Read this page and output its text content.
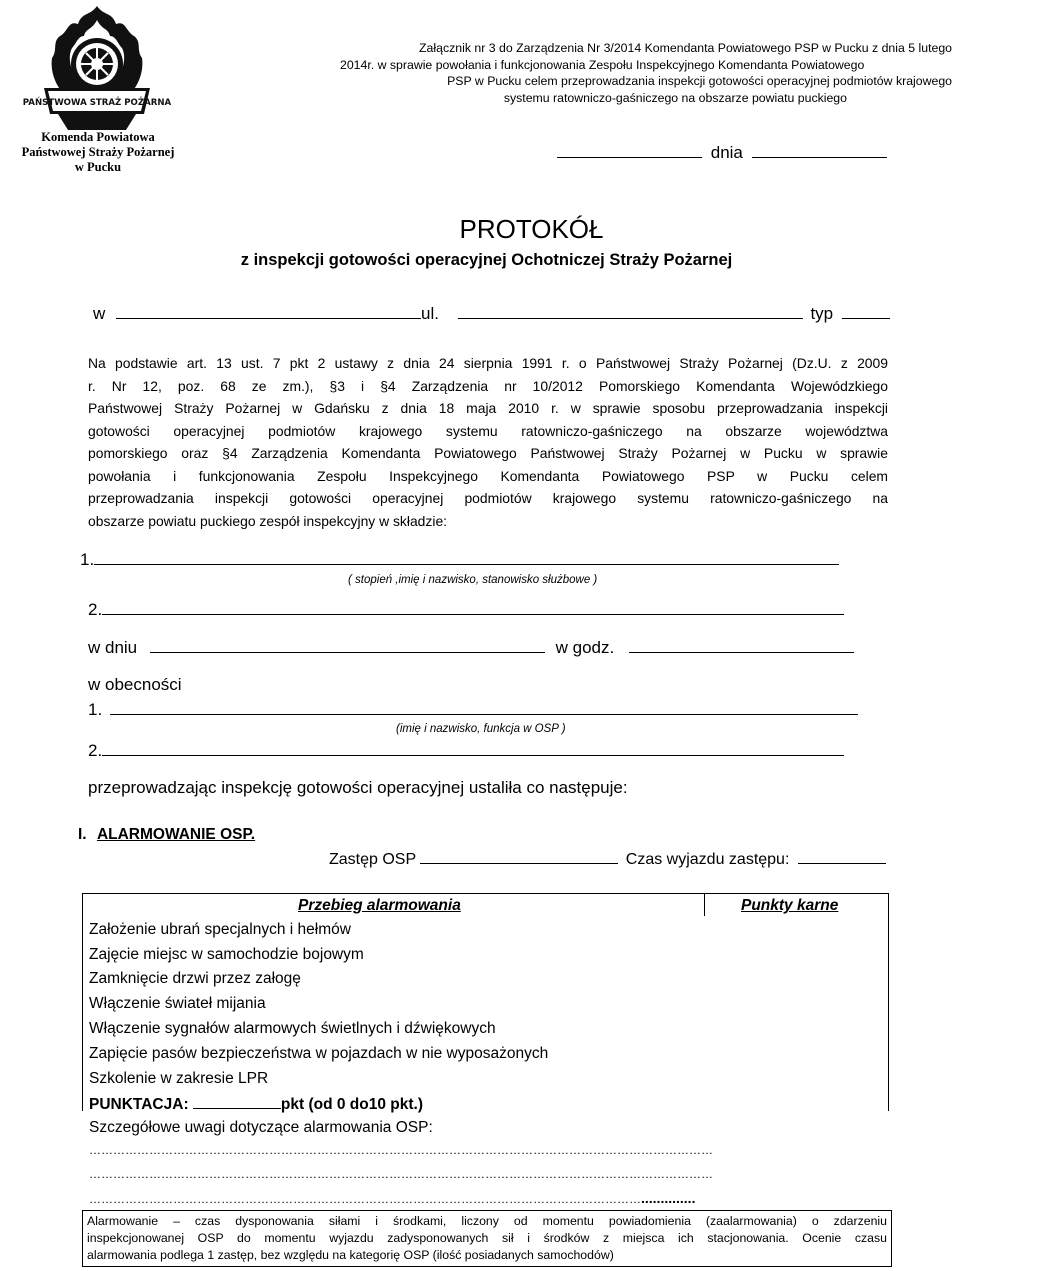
PAŃSTWOWA STRAŻ POŻARNA
Komenda Powiatowa
Państwowej Straży Pożarnej
w Pucku
Załącznik nr 3 do Zarządzenia Nr 3/2014 Komendanta Powiatowego PSP w Pucku z dnia 5 lutego
2014r. w sprawie powołania i funkcjonowania Zespołu Inspekcyjnego Komendanta Powiatowego
PSP w Pucku celem przeprowadzania inspekcji gotowości operacyjnej podmiotów krajowego
systemu ratowniczo-gaśniczego na obszarze powiatu puckiego
dnia
PROTOKÓŁ
z inspekcji gotowości operacyjnej Ochotniczej Straży Pożarnej
w	ul.	typ
Na podstawie art. 13 ust. 7 pkt 2 ustawy z dnia 24 sierpnia 1991 r. o Państwowej Straży Pożarnej (Dz.U. z 2009
r. Nr 12, poz. 68 ze zm.), §3 i §4 Zarządzenia nr 10/2012 Pomorskiego Komendanta Wojewódzkiego
Państwowej Straży Pożarnej w Gdańsku z dnia 18 maja 2010 r. w sprawie sposobu przeprowadzania inspekcji
gotowości operacyjnej podmiotów krajowego systemu ratowniczo-gaśniczego na obszarze województwa
pomorskiego oraz §4 Zarządzenia Komendanta Powiatowego Państwowej Straży Pożarnej w Pucku w sprawie
powołania i funkcjonowania Zespołu Inspekcyjnego Komendanta Powiatowego PSP w Pucku celem
przeprowadzania inspekcji gotowości operacyjnej podmiotów krajowego systemu ratowniczo-gaśniczego na
obszarze powiatu puckiego zespół inspekcyjny w składzie:
1.
( stopień ,imię i nazwisko, stanowisko służbowe )
2.
w dniu	w godz.
w obecności
1.
(imię i nazwisko, funkcja w OSP )
2.
przeprowadzając inspekcję gotowości operacyjnej ustaliła co następuje:
I. ALARMOWANIE OSP.
Zastęp OSP	Czas wyjazdu zastępu:
Przebieg alarmowania	Punkty karne
Założenie ubrań specjalnych i hełmów
Zajęcie miejsc w samochodzie bojowym
Zamknięcie drzwi przez załogę
Włączenie świateł mijania
Włączenie sygnałów alarmowych świetlnych i dźwiękowych
Zapięcie pasów bezpieczeństwa w pojazdach w nie wyposażonych
Szkolenie w zakresie LPR
PUNKTACJA:	pkt (od 0 do10 pkt.)
Szczegółowe uwagi dotyczące alarmowania OSP:
…………………………………………………………………………………………………………………………………………
…………………………………………………………………………………………………………………………………………
…………………………………………………………………………………………………………………………..............
Alarmowanie – czas dysponowania siłami i środkami, liczony od momentu powiadomienia (zaalarmowania) o zdarzeniu
inspekcjonowanej OSP do momentu wyjazdu zadysponowanych sił i środków z miejsca ich stacjonowania. Ocenie czasu
alarmowania podlega 1 zastęp, bez względu na kategorię OSP (ilość posiadanych samochodów)
